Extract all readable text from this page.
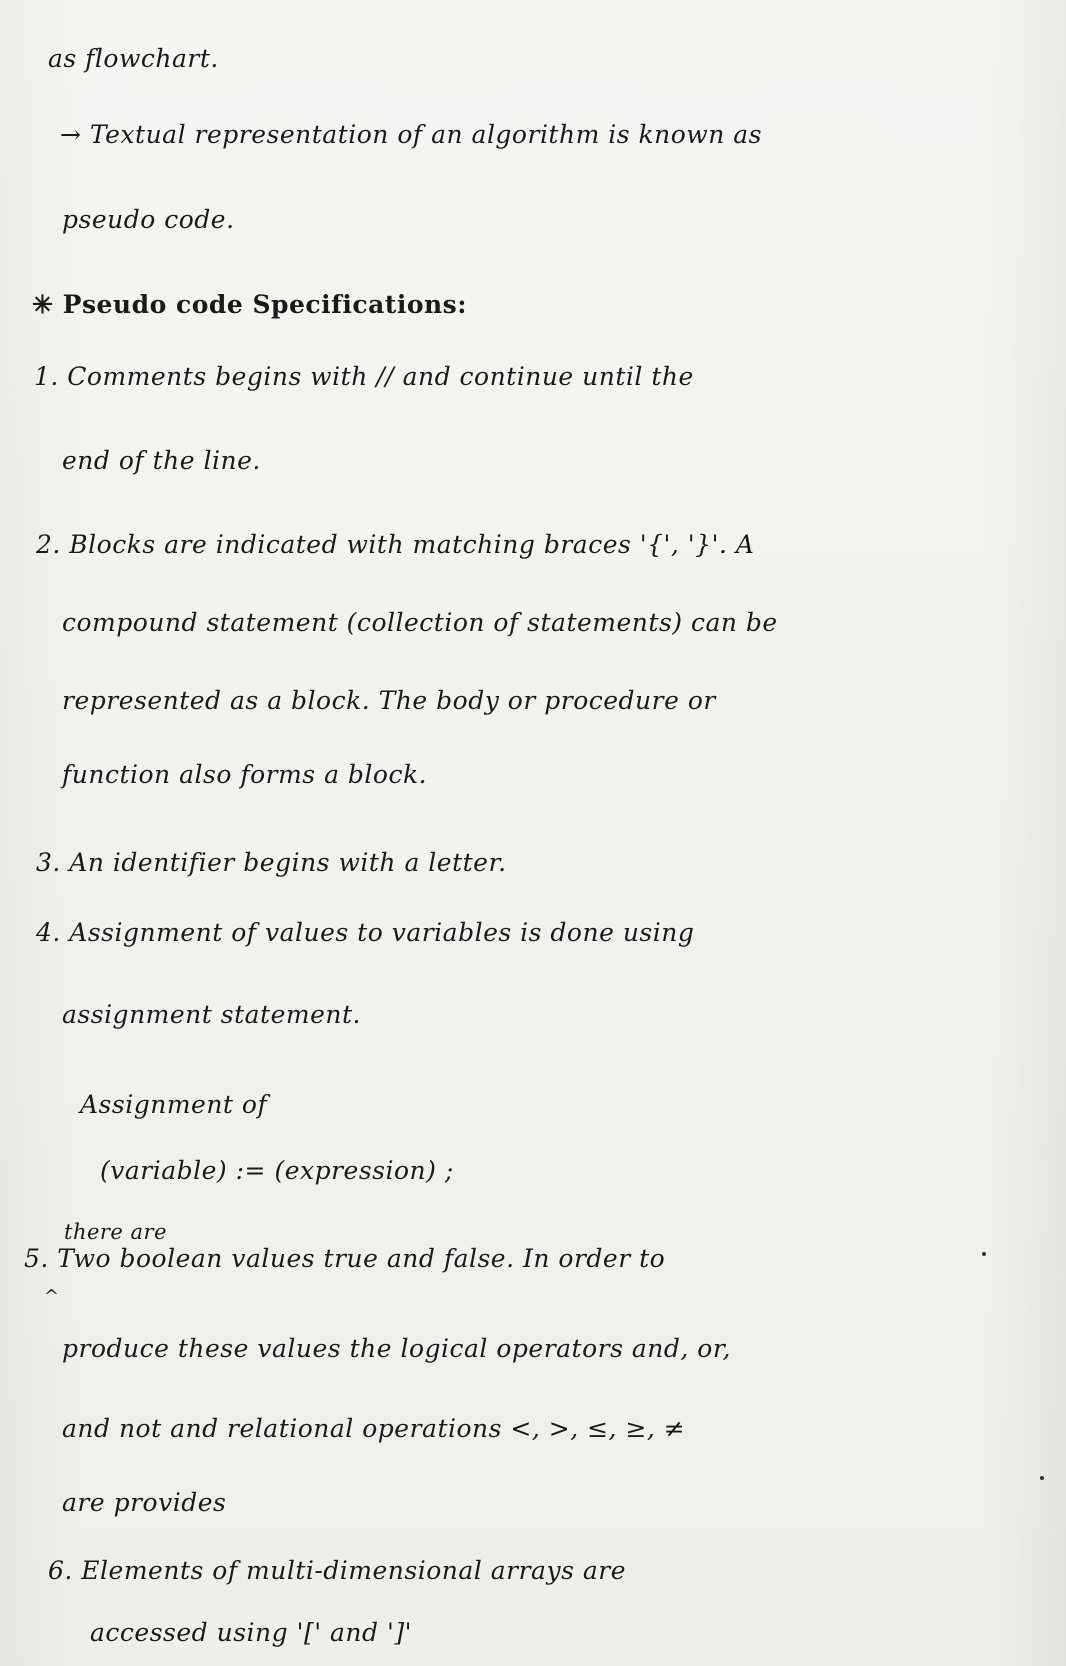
as flowchart.
→ Textual representation of an algorithm is known as
pseudo code.
✳ Pseudo code Specifications:
1. Comments begins with // and continue until the
end of the line.
2. Blocks are indicated with matching braces '{', '}'. A
compound statement (collection of statements) can be
represented as a block. The body or procedure or
function also forms a block.
3. An identifier begins with a letter.
4. Assignment of values to variables is done using
assignment statement.
Assignment of
(variable) := (expression) ;
there are
5. Two boolean values true and false. In order to
^
produce these values the logical operators and, or,
and not and relational operations <, >, ≤, ≥, ≠
are provides
6. Elements of multi-dimensional arrays are
accessed using '[' and ']'
